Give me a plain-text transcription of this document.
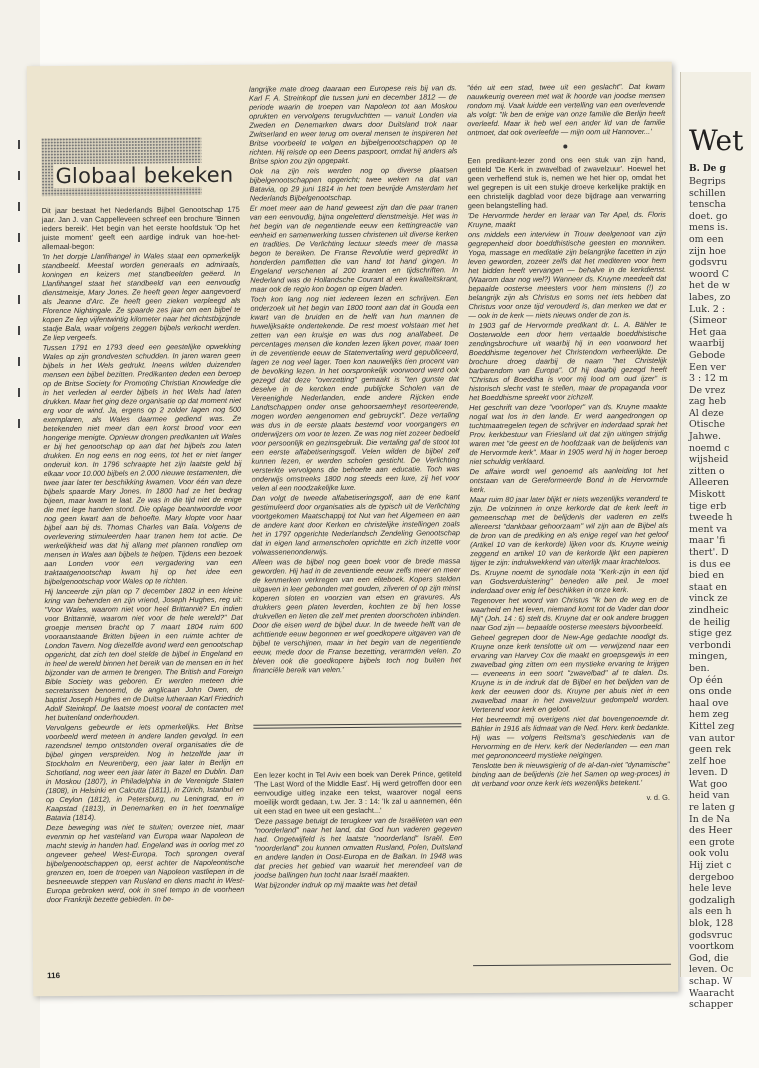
Globaal bekeken

Dit jaar bestaat het Nederlands Bijbel Genootschap 175 jaar. Jan J. van Cappelleveen schreef een brochure 'Binnen ieders bereik'. Het begin van het eerste hoofdstuk 'Op het juiste moment' geeft een aardige indruk van hoe-het-allemaal-begon:

'In het dorpje Llanfihangel in Wales staat een opmerkelijk standbeeld. Meestal worden generaals en admiraals, koningen en keizers met standbeelden geëerd. In Llanfihangel staat het standbeeld van een eenvoudig dienstmeisje, Mary Jones. Ze heeft geen leger aangevoerd als Jeanne d'Arc. Ze heeft geen zieken verpleegd als Florence Nightingale. Ze spaarde zes jaar om een bijbel te kopen Ze liep vijfentwintig kilometer naar het dichtstbijzijnde stadje Bala, waar volgens zeggen bijbels verkocht werden. Ze liep vergeefs.

Tussen 1791 en 1793 deed een geestelijke opwekking Wales op zijn grondvesten schudden. In jaren waren geen bijbels in het Wels gedrukt. Ineens wilden duizenden mensen een bijbel bezitten. Predikanten deden een beroep op de Britse Society for Promoting Christian Knowledge die in het verleden al eerder bijbels in het Wels had laten drukken. Maar het ging deze organisatie op dat moment niet erg voor de wind. Ja, ergens op 2 zolder lagen nog 500 exemplaren, als Wales daarmee gediend was. Ze betekenden niet meer dan een korst brood voor een hongerige menigte. Opnieuw drongen predikanten uit Wales er bij het genootschap op aan dat het bijbels zou laten drukken. En nog eens en nog eens, tot het er niet langer onderuit kon. In 1796 schraapte het zijn laatste geld bij elkaar voor 10.000 bijbels en 2.000 nieuwe testamenten, die twee jaar later ter beschikking kwamen. Voor één van deze bijbels spaarde Mary Jones. In 1800 had ze het bedrag bijeen, maar kwam te laat. Ze was in die tijd niet de enige die met lege handen stond. Die oplage beantwoordde voor nog geen kwart aan de behoefte. Mary klopte voor haar bijbel aan bij ds. Thomas Charles van Bala. Volgens de overlevering stimuleerden haar tranen hem tot actie. De werkelijkheid was dat hij allang met plannen rondliep om mensen in Wales aan bijbels te helpen. Tijdens een bezoek aan Londen voor een vergadering van een traktaatgenootschap kwam hij op het idee een bijbelgenootschap voor Wales op te richten.

Hij lanceerde zijn plan op 7 december 1802 in een kleine kring van behenden en zijn vriend, Joseph Hughes, reg uit: "Voor Wales, waarom niet voor heel Brittannië? En indien voor Brittannië, waarom niet voor de hele wereld?" Dat groepje mensen bracht op 7 maart 1804 ruim 600 vooraanstaande Britten bijeen in een ruimte achter de London Tavern. Nog diezelfde avond werd een genootschap opgericht, dat zich ten doel stelde de bijbel in Engeland en in heel de wereld binnen het bereik van de mensen en in het bijzonder van de armen te brengen. The British and Foreign Bible Society was geboren. Er werden meteen drie secretarissen benoemd, de anglicaan John Owen, de baptist Joseph Hughes en de Duitse lutheraan Karl Friedrich Adolf Steinkopf. De laatste moest vooral de contacten met het buitenland onderhouden.

Vervolgens gebeurde er iets opmerkelijks. Het Britse voorbeeld werd meteen in andere landen gevolgd. In een razendsnel tempo ontstonden overal organisaties die de bijbel gingen verspreiden. Nog in hetzelfde jaar in Stockholm en Neurenberg, een jaar later in Berlijn en Schotland, nog weer een jaar later in Bazel en Dublin. Dan in Moskou (1807), in Philadelphia in de Verenigde Staten (1808), in Helsinki en Calcutta (1811), in Zürich, Istanbul en op Ceylon (1812), in Petersburg, nu Leningrad, en in Kaapstad (1813), in Denemarken en in het toenmalige Batavia (1814).

Deze beweging was niet te stuiten; overzee niet, maar evenmin op het vasteland van Europa waar Napoleon de macht stevig in handen had. Engeland was in oorlog met zo ongeveer geheel West-Europa. Toch sprongen overal bijbelgenootschappen op, eerst achter de Napoleontische grenzen en, toen de troepen van Napoleon vastliepen in de besneeuwde steppen van Rusland en diens macht in West-Europa gebroken werd, ook in snel tempo in de voorheen door Frankrijk bezette gebieden. In be-

langrijke mate droeg daaraan een Europese reis bij van ds. Karl F. A. Streinkopf die tussen juni en december 1812 — de periode waarin de troepen van Napoleon tot aan Moskou oprukten en vervolgens terugvluchtten — vanuit Londen via Zweden en Denemarken dwars door Duitsland trok naar Zwitserland en weer terug om overal mensen te inspireren het Britse voorbeeld te volgen en bijbelgenootschappen op te richten. Hij reisde op een Deens paspoort, omdat hij anders als Britse spion zou zijn opgepakt.

Ook na zijn reis werden nog op diverse plaatsen bijbelgenootschappen opgericht; twee weken na dat van Batavia, op 29 juni 1814 in het toen bevrijde Amsterdam het Nederlands Bijbelgenootschap.

Er moet meer aan de hand geweest zijn dan die paar tranen van een eenvoudig, bijna ongeletterd dienstmeisje. Het was in het begin van de negentiende eeuw een kettingreactie van eenheid en samenwerking tussen christenen uit diverse kerken en tradities. De Verlichting lectuur steeds meer de massa begon te bereiken. De Franse Revolutie werd gepredikt in honderden pamfletten die van hand tot hand gingen. In Engeland verschenen al 200 kranten en tijdschriften. In Nederland was de Hollandsche Courant al een kwaliteitskrant, maar ook de regio kon bogen op eigen bladen.

Toch kon lang nog niet iedereen lezen en schrijven. Een onderzoek uit het begin van 1800 toont aan dat in Gouda een kwart van de bruiden en de helft van hun mannen de huwelijksakte ondertekende. De rest moest volstaan met het zetten van een kruisje en was dus nog analfabeet. De percentages mensen die konden lezen lijken pover, maar toen in de zeventiende eeuw de Statenvertaling werd gepubliceerd, lagen ze nog veel lager. Toen kon nauwelijks tien procent van de bevolking lezen. In het oorspronkelijk voorwoord werd ook gezegd dat deze "overzetting" gemaakt is "ten gunste dat deselve in de kercken ende publijcke Scholen van de Vereenighde Nederlanden, ende andere Rijcken ende Landtschappen onder onse gehoorsaemheyt resorteerende, mogen worden aengenomen end gebruyckt". Deze vertaling was dus in de eerste plaats bestemd voor voorgangers en onderwijzers om voor te lezen. Ze was nog niet zozeer bedoeld voor persoonlijk en gezinsgebruik. Die vertaling gaf de stoot tot een eerste alfabetiseringsgolf. Velen wilden de bijbel zelf kunnen lezen, er werden scholen gesticht. De Verlichting versterkte vervolgens die behoefte aan educatie. Toch was onderwijs omstreeks 1800 nog steeds een luxe, zij het voor velen al een noodzakelijke luxe.

Dan volgt de tweede alfabetiseringsgolf, aan de ene kant gestimuleerd door organisaties als de typisch uit de Verlichting voortgekomen Maatschappij tot Nut van het Algemeen en aan de andere kant door Kerken en christelijke instellingen zoals het in 1797 opgerichte Nederlandsch Zendeling Genootschap dat in eigen land armenscholen oprichtte en zich inzette voor volwassenenonderwijs.

Alleen was de bijbel nog geen boek voor de brede massa geworden. Hij had in de zeventiende eeuw zelfs meer en meer de kenmerken verkregen van een eliteboek. Kopers stelden uitgaven in leer gebonden met gouden, zilveren of op zijn minst koperen sloten en voorzien van etsen en gravures. Als drukkers geen platen leverden, kochten ze bij hen losse drukvellen en lieten die zelf met prenten doorschoten inbinden. Door die eisen werd de bijbel duur. In de tweede helft van de achttiende eeuw begonnen er wel goedkopere uitgaven van de bijbel te verschijnen, maar in het begin van de negentiende eeuw, mede door de Franse bezetting, verarmden velen. Zo bleven ook die goedkopere bijbels toch nog buiten het financiële bereik van velen.'

Een lezer kocht in Tel Aviv een boek van Derek Prince, getiteld 'The Last Word of the Middle East'. Hij werd getroffen door een eenvoudige uitleg inzake een tekst, waarover nogal eens moeilijk wordt gedaan, t.w. Jer. 3 : 14: 'Ik zal u aannemen, één uit een stad en twee uit een geslacht...'

'Deze passage betuigt de terugkeer van de Israëlieten van een "noorderland" naar het land, dat God hun vaderen gegeven had. Ongetwijfeld is het laatste "noorderland" Israël. Een "noorderland" zou kunnen omvatten Rusland, Polen, Duitsland en andere landen in Oost-Europa en de Balkan. In 1948 was dat precies het gebied van waaruit het merendeel van de joodse ballingen hun tocht naar Israël maakten.

Wat bijzonder indruk op mij maakte was het detail

"één uit een stad, twee uit een geslacht". Dat kwam nauwkeurig overeen met wat ik hoorde van joodse mensen rondom mij. Vaak luidde een vertelling van een overlevende als volgt: "Ik ben de enige van onze familie die Berlijn heeft overleefd. Maar ik heb wel een ander lid van de familie ontmoet, dat ook overleefde — mijn oom uit Hannover...'

Een predikant-lezer zond ons een stuk van zijn hand, getiteld 'De Kerk in zwavelbad of zwavelzuur'. Hoewel het geen verheffend stuk is, nemen we het hier op, omdat het wel gegrepen is uit een stukje droeve kerkelijke praktijk en een christelijk dagblad voor deze bijdrage aan verwarring geen belangstelling had.

'De Hervormde herder en leraar van Ter Apel, ds. Floris Kruyne, maakt

ons middels een interview in Trouw deelgenoot van zijn gegrepenheid door boeddhistische geesten en monniken. Yoga, massage en meditatie zijn belangrijke facetten in zijn leven geworden, zozeer zelfs dat het mediteren voor hem het bidden heeft vervangen — behalve in de kerkdienst. (Waarom daar nog wel?) Wanneer ds. Kruyne meedeelt dat bepaalde oosterse meesters voor hem minstens (!) zo belangrijk zijn als Christus en soms net iets hebben dat Christus voor onze tijd verouderd is, dan merken we dat er — ook in de kerk — niets nieuws onder de zon is.

In 1903 gaf de Hervormde predikant dr. L. A. Bähler te Oosterwolde een door hem vertaalde boeddhistische zendingsbrochure uit waarbij hij in een voorwoord het Boeddhisme tegenover het Christendom verheerlijkte. De brochure droeg daarbij de naam "het Christelijk barbarendom van Europa". Of hij daarbij gezegd heeft "Christus of Boeddha is voor mij lood om oud ijzer" is historisch slecht vast te stellen, maar de propaganda voor het Boeddhisme spreekt voor zichzelf.

Het geschrift van deze "voorloper" van ds. Kruyne maakte nogal wat los in den lande. Er werd aangedrongen op tuchtmaatregelen tegen de schrijver en inderdaad sprak het Prov. kerkbestuur van Friesland uit dat zijn uitingen strijdig waren met "de geest en de hoofdzaak van de belijdenis van de Hervormde kerk". Maar in 1905 werd hij in hoger beroep niet schuldig verklaard.

De affaire wordt wel genoemd als aanleiding tot het ontstaan van de Gereformeerde Bond in de Hervormde kerk.

Maar ruim 80 jaar later blijkt er niets wezenlijks veranderd te zijn. De volzinnen in onze kerkorde dat de kerk leeft in gemeenschap met de belijdenis der vaderen en zelfs allereerst "dankbaar gehoorzaam" wil zijn aan de Bijbel als de bron van de prediking en als enige regel van het geloof (Artikel 10 van de kerkorde) lijken voor ds. Kruyne weinig zeggend en artikel 10 van de kerkorde lijkt een papieren tijger te zijn: indrukwekkend van uiterlijk maar krachteloos.

Ds. Kruyne noemt de synodale nota "Kerk-zijn in een tijd van Godsverduistering" beneden alle peil. Je moet inderdaad over enig lef beschikken in onze kerk.

Tegenover het woord van Christus "Ik ben de weg en de waarheid en het leven, niemand komt tot de Vader dan door Mij" (Joh. 14 : 6) stelt ds. Kruyne dat er ook andere bruggen naar God zijn — bepaalde oosterse meesters bijvoorbeeld.

Geheel gegrepen door de New-Age gedachte noodigt ds. Kruyne onze kerk tenslotte uit om — verwijzend naar een ervaring van Harvey Cox die maakt en groepsgewijs in een zwavelbad ging zitten om een mystieke ervaring te krijgen — eveneens in een soort "zwavelbad" af te dalen. Ds. Kruyne is in de indruk dat de Bijbel en het belijden van de kerk der eeuwen door ds. Kruyne per abuis niet in een zwavelbad maar in het zwavelzuur gedompeld worden. Verterend voor kerk en geloof.

Het bevreemdt mij overigens niet dat bovengenoemde dr. Bähler in 1916 als lidmaat van de Ned. Herv. kerk bedankte. Hij was — volgens Reitsma's geschiedenis van de Hervorming en de Herv. kerk der Nederlanden — een man met geprononceerd mystieke neigingen.

Tenslotte ben ik nieuwsgierig of de al-dan-niet "dynamische" binding aan de belijdenis (zie het Samen op weg-proces) in dit verband voor onze kerk iets wezenlijks betekent.'

v. d. G.

116
Wet
B. De g
Begrips
schillen
tenscha
doet. go
mens is.
om een
zijn hoe
godsvru
woord C
het de w
labes, zo
Luk. 2 :
(Simeor
Het gaa
waarbij
Gebode
Een ver
3 : 12 m
De vrez
zag heb
Al deze
Otische
Jahwe.
noemd c
wijsheid
zitten o
Alleeren
Miskott
tige erb
tweede h
ment va
maar 'fi
thert'. D
is dus ee
bied en
staat en
vinck ze
zindheic
de heilig
stige gez
verbondi
mingen,
ben.
Op één
ons onde
haal ove
hem zeg
Kittel zeg
van autor
geen rek
zelf hoe
leven. D
Wat goo
heid van
re laten g
In de Na
des Heer
een grote
ook volu
Hij ziet c
dergeboo
hele leve
godzaligh
als een h
blok, 128
godsvruc
voortkom
God, die
leven. Oc
schap. W
Waaracht
schapper
